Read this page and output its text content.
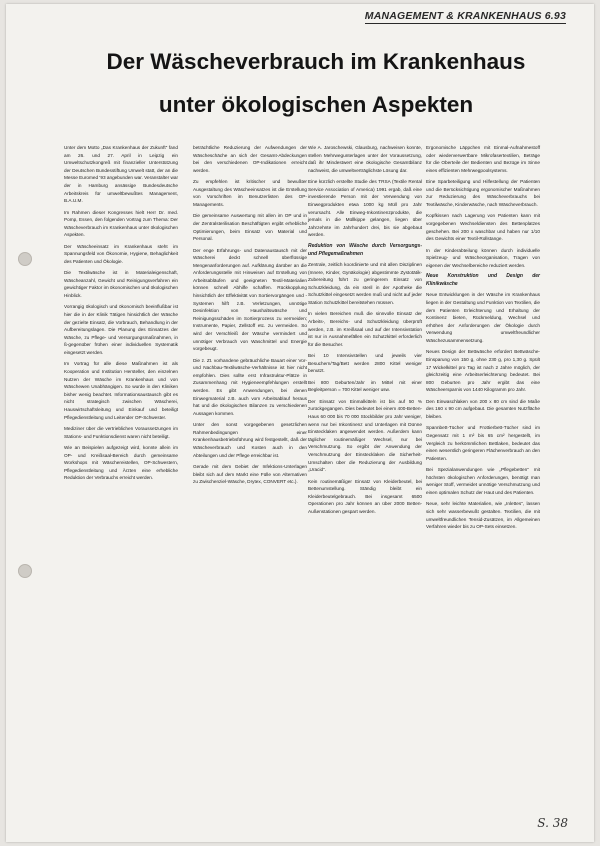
MANAGEMENT & KRANKENHAUS 6.93
Der Wäscheverbrauch im Krankenhaus
unter ökologischen Aspekten

Unter dem Motto „Das Krankenhaus der Zukunft“ fand am 26. und 27. April in Leipzig ein Umweltschutzkongreß mit finanzieller Unterstützung der Deutschen Bundesstiftung Umwelt statt, der an die Messe Euromed '93 angebunden war. Veranstalter war der in Hamburg ansässige Bundesdeutsche Arbeitskreis für umweltbewußtes Management, B.A.U.M.

Im Rahmen dieser Kongresses hielt Herr Dr. med. Pomp, Essen, den folgenden Vortrag zum Thema: Der Wäscheverbrauch im Krankenhaus unter ökologischen Aspekten.

Der Wäscheeinsatz im Krankenhaus steht im Spannungsfeld von Ökonomie, Hygiene, Behaglichkeit des Patienten und Ökologie.

Die Textilwäsche ist in Materialeigenschaft, Wäscheanzahl, Gewicht und Reinigungsverfahren ein gewichtiger Faktor im ökonomischen und ökologischen Hinblick.

Vorrangig ökologisch und ökonomisch beeinflußbar ist hier die in der Klinik Tätigen hinsichtlich der Wäsche der gezielte Einsatz, die Vorbrauch, Behandlung in der Aufbereitungslagen. Die Planung des Einsatzes der Wäsche, zu Pflege- und Versorgungsmaßnahmen, in ß-gegenüber frühen einer individuellen Systematik eingesetzt werden.

Im Vortrag für alle diese Maßnahmen ist als Kooperation und Institution Hersteller, den einzelnen Nutzen der Wäsche im Krankenhaus und von Wäschewen Unabhängigen. So wurde in den Kliniken bisher wenig beachtet. Informationsaustausch gibt es nicht strategisch zwischen Wäscherei, Hauswirtschaftsleitung und Einkauf und beteiligt Pflegedienstleitung und Leitender OP-Schwester.

Mediziner über die vertrieblichen Voraussetzungen im Stations- und Funktionsdienst waren nicht beteiligt.

Wie an Beispielen aufgezeigt wird, konnte allein im OP- und Kreißsaal-Bereich durch gemeinsame Workshops mit Wäschereistellen, OP-Schwestern, Pflegedienstleitung und Ärzten eine erhebliche Reduktion der Verbrauchs erreicht werden.

beträchtliche Reduzierung der Aufwendungen der Wäscheschäche an sich der Gesamt-Abdeckungen bei den verschiedenen OP-Indikationen erreicht werden.

Zu empfehlen ist kritischer und bewußter Ausgestaltung des Wäscheeinsatzes ist die Erstellung von Vorschriften im Benutzerlisten des OP-Managements.

Die gemeinsame Auswertung mit allen im OP und in der Zentralsterilisation Beschäftigten ergibt erhebliche Optimierungen, beim Einsatz von Material und Personal.

Der enge Erfahrungs- und Datenaustausch mit der Wäscherei deckt schnell überflüssige Mengenanforderungen auf. Aufklärung darüber an die Anforderungsstelle mit Hinweisen auf Erstellung von Arbeitsabläufen und geeigneten Textil-Materialien können schnell Abhilfe schaffen. Rückkopplung hinsichtlich der Effektivität von Sortiervorgängen und -Systemen hilft z.B. Verletzungen, unnötige Desinfektion von Haushaltswäsche und Reinigungsschäden im Sortierprozess zu vermeiden; Instrumente, Papier, Zellstoff etc. zu vermeiden. So wird der Verschleiß der Wäsche vermindert und unnötiger Verbrauch von Waschmittel und Energie vorgebeugt.

Die z. Zt. vorhandene gebräuchliche Bauart einer Vor- und Nachbau-Textilwäsche-Verhältnisse ist hier nicht empfohlen. Dies sollte erst Infrastruktur-Plätze in Zusammenhang mit Hygieneempfehlungen erstellt werden. Es gibt Anwendungen, bei denen Einwegmaterial z.B. auch vom Arbeitsablauf heraus hat und die ökologischen Bilanzen zu verschiedenen Aussagen kommen.

Unter den sonst vorgegebenen gesetzlichen Rahmenbedingungen einer Krankenhausbetriebsführung wird festgestellt, daß der Wäscheverbrauch und Kosten auch in den Abteilungen und der Pflege erreichbar ist.

Gerade mit dem Gebiet der Infektions-Unterlagen bleibt sich auf dem Markt eine Fülle von Alternativen zu Zwischenziel-Wäsche, Drytex, CONVERT etc.).

Wie A. Jaroschewski, Glausburg, nachweisen konnte, stellen Mehrwegunterlagen unter der Voraussetzung, daß ihr Mindestwert eine ökologische Gesamtbilanz nachweist, die umweltverträglichste Lösung dar.

Eine kürzlich erstellte Studie des TRSA (Textile Rental Service Association of America) 1991 ergab, daß eine investierende Person mit der Verwendung von Einwegprodukten etwa 1000 kg Müll pro Jahr verursacht. Alle Einweg-Inkontinenzprodukte, die jemals in die Müllkippe gelangen, liegen über Jahrzehnte im Jahrhundert drei, bis sie abgebaut werden.

Reduktion von Wäsche durch Versorgungs- und Pflegemaßnahmen

Zentrale, zeitlich koordinierte und mit allen Disziplinen (Innere, Kinder, Gynäkologie) abgestimmte Zystotätik-Zubereitung führt zu geringerem Einsatz von Schutzkleidung, da ein steril in der Apotheke die Schutzkittel eingesetzt werden muß und nicht auf jeder Station Schutzkittel bereitstehen müssen.

In vielen Bereichen muß die sinnvolle Einsatz der Arbeits-, Bereichs- und Schutzkleidung überprüft werden, z.B. im Kreißsaal und auf der Intensivstation ist nur in Ausnahmefällen ein Schutzkittel erforderlich für die Besucher.

Bei 10 Intensivstellen und jeweils vier Besuchern/Tag/Bett werden 2800 Kittel weniger benutzt.

Bei 800 Geburten/Jahr im Mittel mit einer Begleitperson = 700 Kittel weniger usw.

Der Einsatz von Einmalkitteln ist bis auf 50 % zurückgegangen. Dies bedeutet bei einem 400-Betten-Haus 60 000 bis 70 000 Stockbilder pro Jahr weniger, wenn nur bei Inkontinenz und Unterlagen mit Dünne Einstecklaken angewendet werden. Außerdem kann täglicher routinemäßiger Wechsel, nur bei Verschmutzung. So ergibt der Anwendung der Verschmutzung der Einstecklaken die Sicherheit-Umschalten über die Reduzierung der Ausbildung „Uracid“.

Kein routinemäßiger Einsatz von Kleiderbeutel, bei Bettenumstellung. Ständig bleibt ein Kleiderbeutelgebrauch. Bei insgesamt 6500 Operationen pro Jahr können an über 2000 Betten-Außenstationen gespart werden.

Ergonomische Läppchen mit Einmal-Aufnahmestoff oder wiederverwertbare Mikrofasertextilien, Beträge für die Oberteile der Bedienten und Bezüge im Sinne eines effizienten Mehrwegpoolsystems.

Eine Sparbeteiligung und Hilfestellung der Patienten und die Berücksichtigung ergonomischer Maßnahmen zur Reduzierung des Wäscheverbrauchs bei Textilwäsche, Kinderwäsche, nach Wäscheverbrauch.

Kopfkissen nach Lagerung von Patienten kann mit vorgegebenen Wechseldiensten des Bettenplatzes geschehen. Bei 200 x waschbar und haben nur 1/10 des Gewichts einer Textil-Rollstange.

In der Kinderabteilung können durch individuelle Spielzeug- und Wäscheorganisation, Tragen von eigenen der Wechselbereiche reduziert werden.

Neue Konstruktion und Design der Klinikwäsche

Neue Entwicklungen in der Wäsche im Krankenhaus liegen in der Gestaltung und Funktion von Textilien, die dem Patienten Erleichterung und Erhaltung der Kontinenz bieten, Rückmeldung, Wechsel und erhöhen der Anforderungen der Ökologie durch Verwendung umweltfreundlicher Wäschezusammensetzung.

Neues Design der Bettwäsche erfordert Bettwäsche-Einsparung von 150 g, ohne 230 g, pro 1,30 g. Spült 17 Wickelkittel pro Tag ist nach 2 Jahre möglich, der gleichzeitig eine Arbeitserleichterung bedeutet. Bei 800 Geburten pro Jahr ergibt das eine Wäscheersparnis von 1440 Kilogramm pro Jahr.

Den Einwaschlaken von 200 x 80 cm sind die Maße des 160 x 90 cm aufgebaut. Die gesamten Nutzfläche bleiben.

Spannbett-Tücher und Frottierbett-Tücher sind im Gegensatz mit 1 m² bis 65 cm² hergestellt, im Vergleich zu herkömmlichen Bettlaken, bedeutet das einen wesentlich geringeren Flächenverbrauch an den Patienten.

Bei Spezialanwendungen wie „Pflegebetten“ mit höchsten ökologischen Anforderungen, benötigt man weniger Stoff, vermeidet unnötige Verschmutzung und einen optimalen Schutz der Haut und des Patienten.

Neue, sehr leichte Materialien, wie „Inlettes“, lassen sich sehr wasserbewußt gestalten. Textilien, die mit umweltfreundlichen Tensid-Zusätzen, im Allgemeinen Verfahren wieder bis zu OP-Sets einsetzen.

S. 38
